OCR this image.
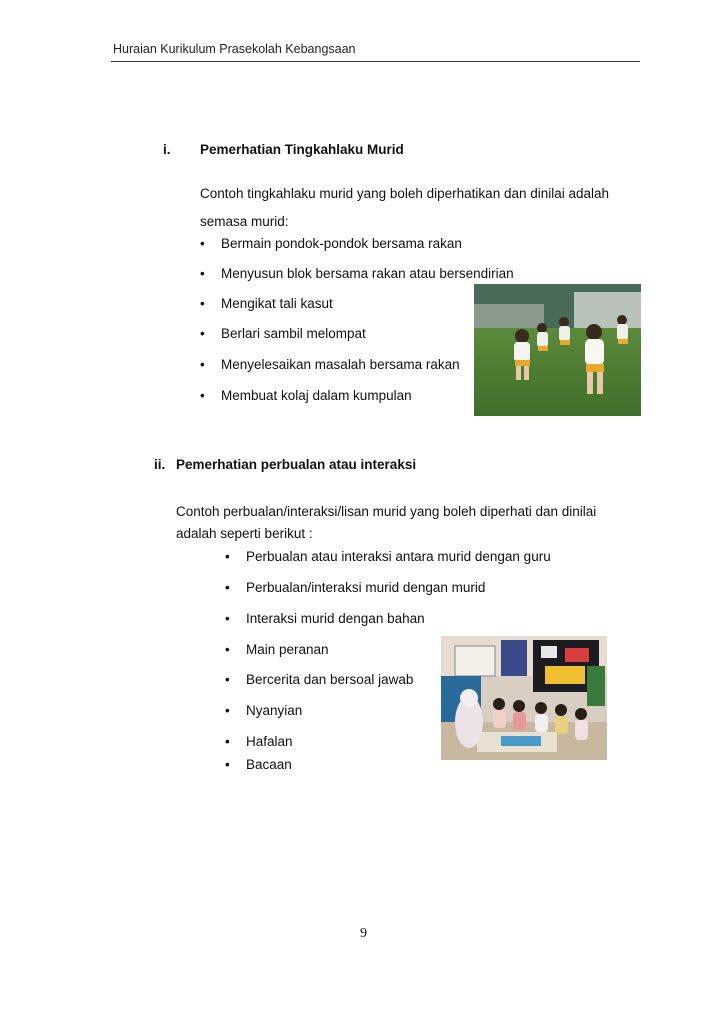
Huraian Kurikulum Prasekolah Kebangsaan
i. Pemerhatian Tingkahlaku Murid
Contoh tingkahlaku murid yang boleh diperhatikan dan dinilai adalah
semasa murid:
• Bermain pondok-pondok bersama rakan
• Menyusun blok bersama rakan atau bersendirian
• Mengikat tali kasut
• Berlari sambil melompat
• Menyelesaikan masalah bersama rakan
• Membuat kolaj dalam kumpulan
ii. Pemerhatian perbualan atau interaksi
Contoh perbualan/interaksi/lisan murid yang boleh diperhati dan dinilai
adalah seperti berikut :
• Perbualan atau interaksi antara murid dengan guru
• Perbualan/interaksi murid dengan murid
• Interaksi murid dengan bahan
• Main peranan
• Bercerita dan bersoal jawab
• Nyanyian
• Hafalan
• Bacaan
9
